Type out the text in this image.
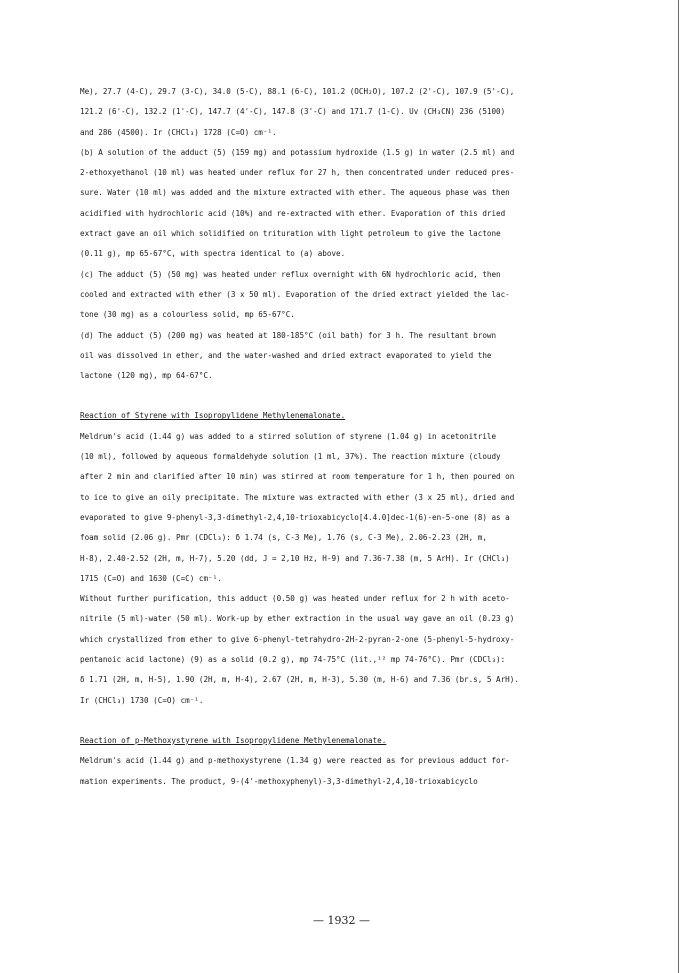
Me), 27.7 (4-C), 29.7 (3-C), 34.0 (5-C), 88.1 (6-C), 101.2 (OCH₂O), 107.2 (2'-C), 107.9 (5'-C),

121.2 (6'-C), 132.2 (1'-C), 147.7 (4'-C), 147.8 (3'-C) and 171.7 (1-C). Uv (CH₃CN) 236 (5100)

and 286 (4500). Ir (CHCl₃) 1728 (C=O) cm⁻¹.

(b) A solution of the adduct (5) (159 mg) and potassium hydroxide (1.5 g) in water (2.5 ml) and

2-ethoxyethanol (10 ml) was heated under reflux for 27 h, then concentrated under reduced pres-

sure. Water (10 ml) was added and the mixture extracted with ether. The aqueous phase was then

acidified with hydrochloric acid (10%) and re-extracted with ether. Evaporation of this dried

extract gave an oil which solidified on trituration with light petroleum to give the lactone

(0.11 g), mp 65-67°C, with spectra identical to (a) above.

(c) The adduct (5) (50 mg) was heated under reflux overnight with 6N hydrochloric acid, then

cooled and extracted with ether (3 x 50 ml). Evaporation of the dried extract yielded the lac-

tone (30 mg) as a colourless solid, mp 65-67°C.

(d) The adduct (5) (200 mg) was heated at 180-185°C (oil bath) for 3 h. The resultant brown

oil was dissolved in ether, and the water-washed and dried extract evaporated to yield the

lactone (120 mg), mp 64-67°C.

Reaction of Styrene with Isopropylidene Methylenemalonate.

Meldrum's acid (1.44 g) was added to a stirred solution of styrene (1.04 g) in acetonitrile

(10 ml), followed by aqueous formaldehyde solution (1 ml, 37%). The reaction mixture (cloudy

after 2 min and clarified after 10 min) was stirred at room temperature for 1 h, then poured on

to ice to give an oily precipitate. The mixture was extracted with ether (3 x 25 ml), dried and

evaporated to give 9-phenyl-3,3-dimethyl-2,4,10-trioxabicyclo[4.4.0]dec-1(6)-en-5-one (8) as a

foam solid (2.06 g). Pmr (CDCl₃): δ 1.74 (s, C-3 Me), 1.76 (s, C-3 Me), 2.06-2.23 (2H, m,

H-8), 2.40-2.52 (2H, m, H-7), 5.20 (dd, J = 2,10 Hz, H-9) and 7.36-7.38 (m, 5 ArH). Ir (CHCl₃)

1715 (C=O) and 1630 (C=C) cm⁻¹.

Without further purification, this adduct (0.50 g) was heated under reflux for 2 h with aceto-

nitrile (5 ml)-water (50 ml). Work-up by ether extraction in the usual way gave an oil (0.23 g)

which crystallized from ether to give 6-phenyl-tetrahydro-2H-2-pyran-2-one (5-phenyl-5-hydroxy-

pentanoic acid lactone) (9) as a solid (0.2 g), mp 74-75°C (lit.,¹² mp 74-76°C). Pmr (CDCl₃):

δ 1.71 (2H, m, H-5), 1.90 (2H, m, H-4), 2.67 (2H, m, H-3), 5.30 (m, H-6) and 7.36 (br.s, 5 ArH).

Ir (CHCl₃) 1730 (C=O) cm⁻¹.

Reaction of p-Methoxystyrene with Isopropylidene Methylenemalonate.

Meldrum's acid (1.44 g) and p-methoxystyrene (1.34 g) were reacted as for previous adduct for-

mation experiments. The product, 9-(4'-methoxyphenyl)-3,3-dimethyl-2,4,10-trioxabicyclo

— 1932 —
